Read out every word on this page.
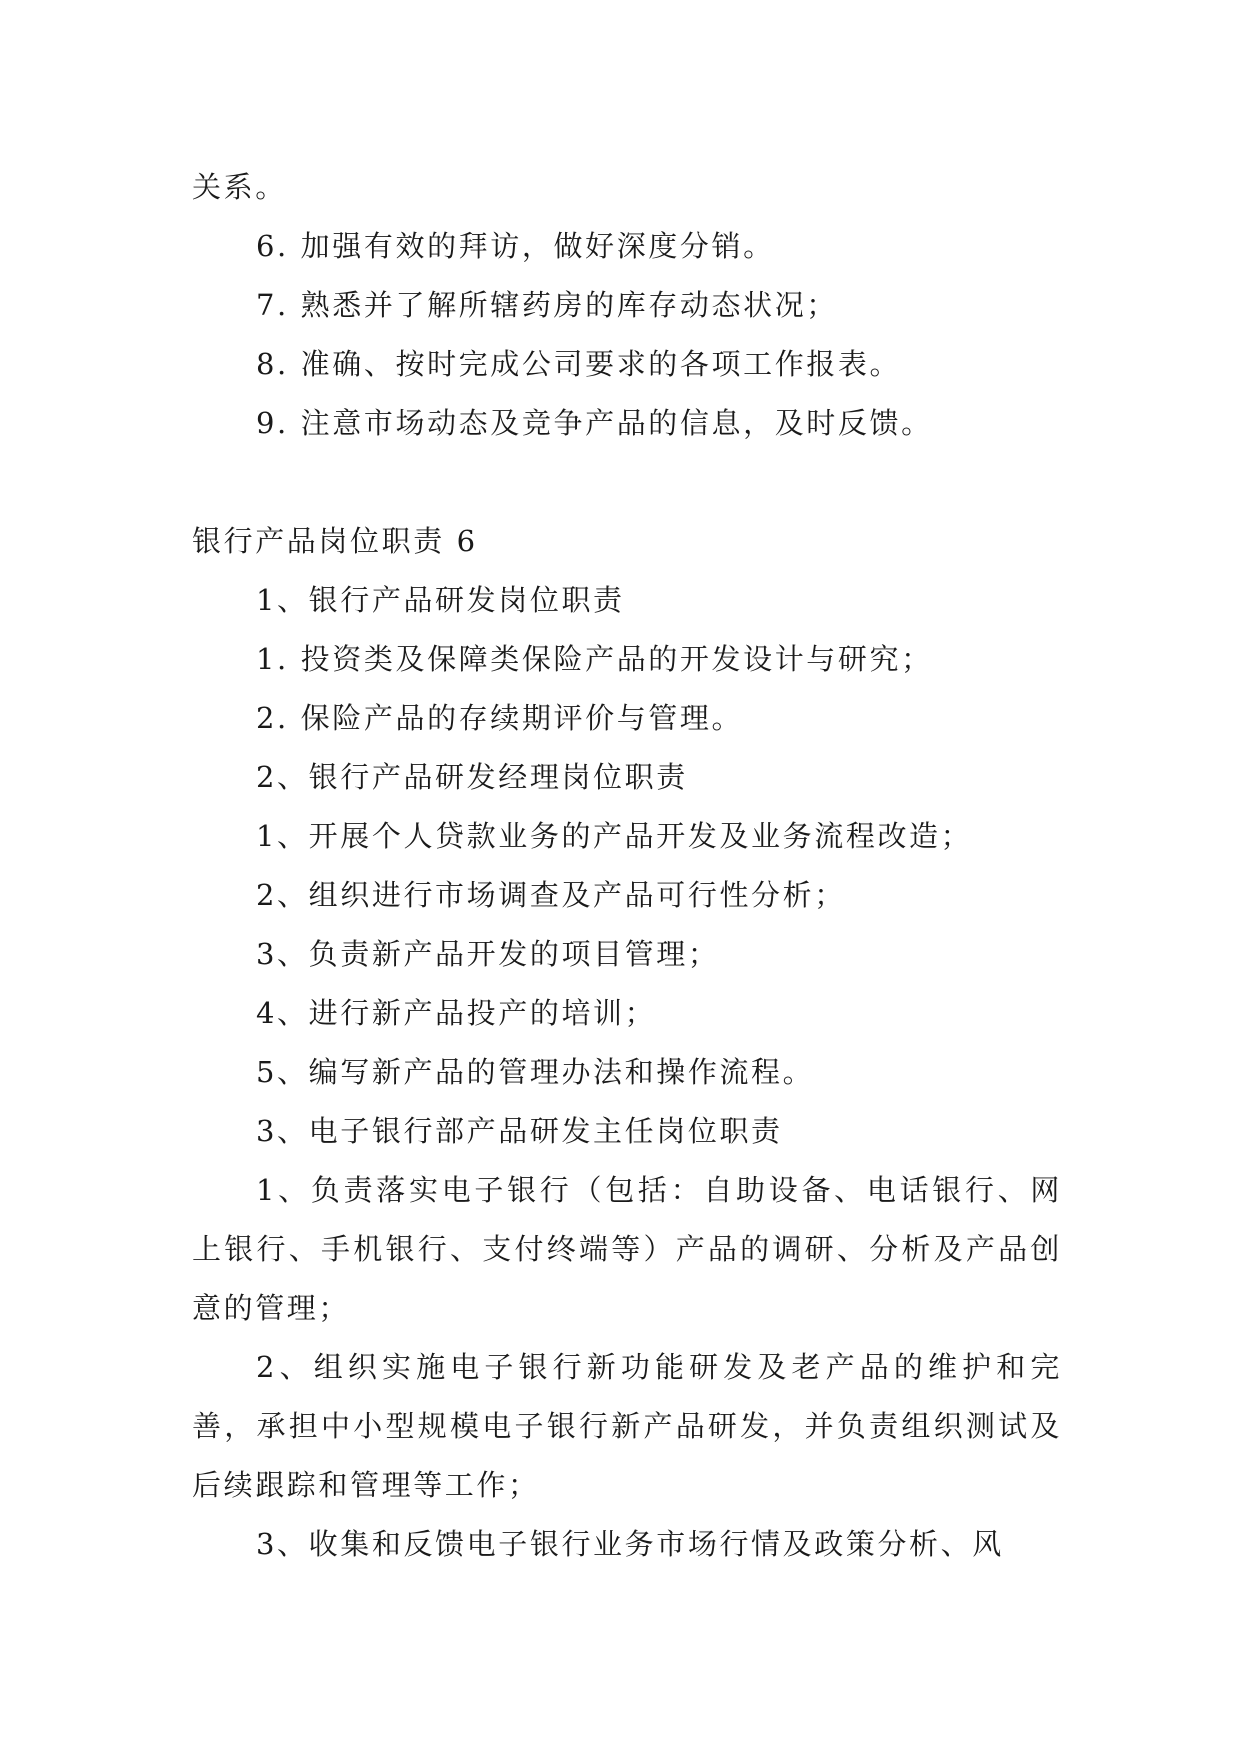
关系。
6. 加强有效的拜访，做好深度分销。
7. 熟悉并了解所辖药房的库存动态状况；
8. 准确、按时完成公司要求的各项工作报表。
9. 注意市场动态及竞争产品的信息，及时反馈。
银行产品岗位职责 6
1、银行产品研发岗位职责
1. 投资类及保障类保险产品的开发设计与研究；
2. 保险产品的存续期评价与管理。
2、银行产品研发经理岗位职责
1、开展个人贷款业务的产品开发及业务流程改造；
2、组织进行市场调查及产品可行性分析；
3、负责新产品开发的项目管理；
4、进行新产品投产的培训；
5、编写新产品的管理办法和操作流程。
3、电子银行部产品研发主任岗位职责
1、负责落实电子银行（包括：自助设备、电话银行、网上银行、手机银行、支付终端等）产品的调研、分析及产品创意的管理；
2、组织实施电子银行新功能研发及老产品的维护和完善，承担中小型规模电子银行新产品研发，并负责组织测试及后续跟踪和管理等工作；
3、收集和反馈电子银行业务市场行情及政策分析、风
